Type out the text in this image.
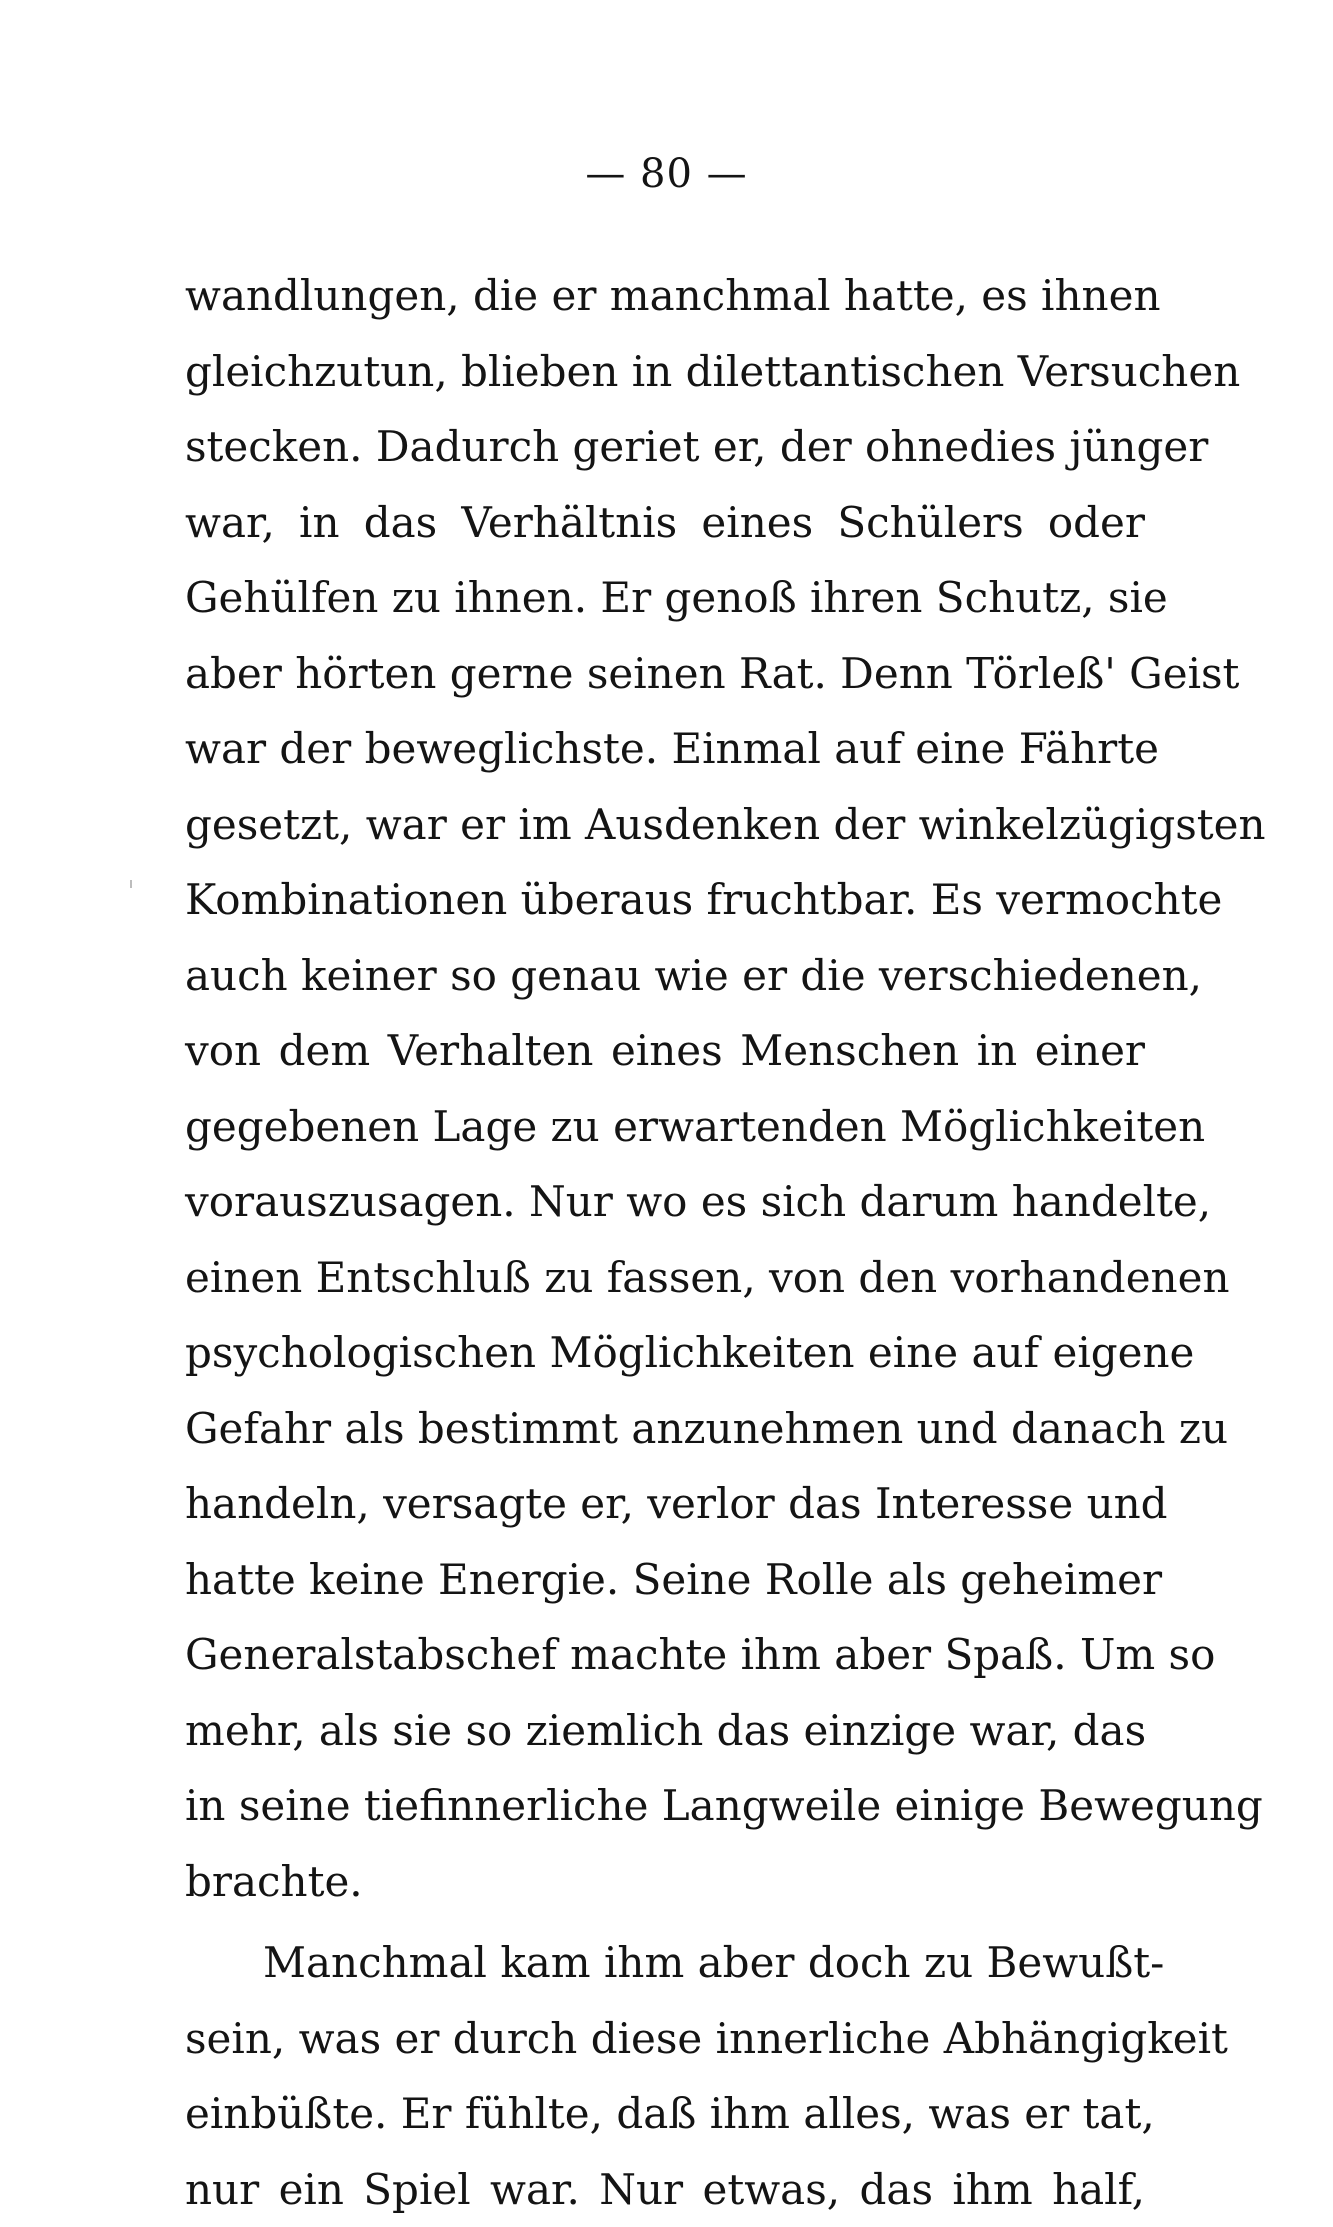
— 80 —
wandlungen, die er manchmal hatte, es ihnen
gleichzutun, blieben in dilettantischen Versuchen
stecken. Dadurch geriet er, der ohnedies jünger
war, in das Verhältnis eines Schülers oder
Gehülfen zu ihnen. Er genoß ihren Schutz, sie
aber hörten gerne seinen Rat. Denn Törleß' Geist
war der beweglichste. Einmal auf eine Fährte
gesetzt, war er im Ausdenken der winkelzügigsten
Kombinationen überaus fruchtbar. Es vermochte
auch keiner so genau wie er die verschiedenen,
von dem Verhalten eines Menschen in einer
gegebenen Lage zu erwartenden Möglichkeiten
vorauszusagen. Nur wo es sich darum handelte,
einen Entschluß zu fassen, von den vorhandenen
psychologischen Möglichkeiten eine auf eigene
Gefahr als bestimmt anzunehmen und danach zu
handeln, versagte er, verlor das Interesse und
hatte keine Energie. Seine Rolle als geheimer
Generalstabschef machte ihm aber Spaß. Um so
mehr, als sie so ziemlich das einzige war, das
in seine tiefinnerliche Langweile einige Bewegung
brachte.
Manchmal kam ihm aber doch zu Bewußt-
sein, was er durch diese innerliche Abhängigkeit
einbüßte. Er fühlte, daß ihm alles, was er tat,
nur ein Spiel war. Nur etwas, das ihm half,
